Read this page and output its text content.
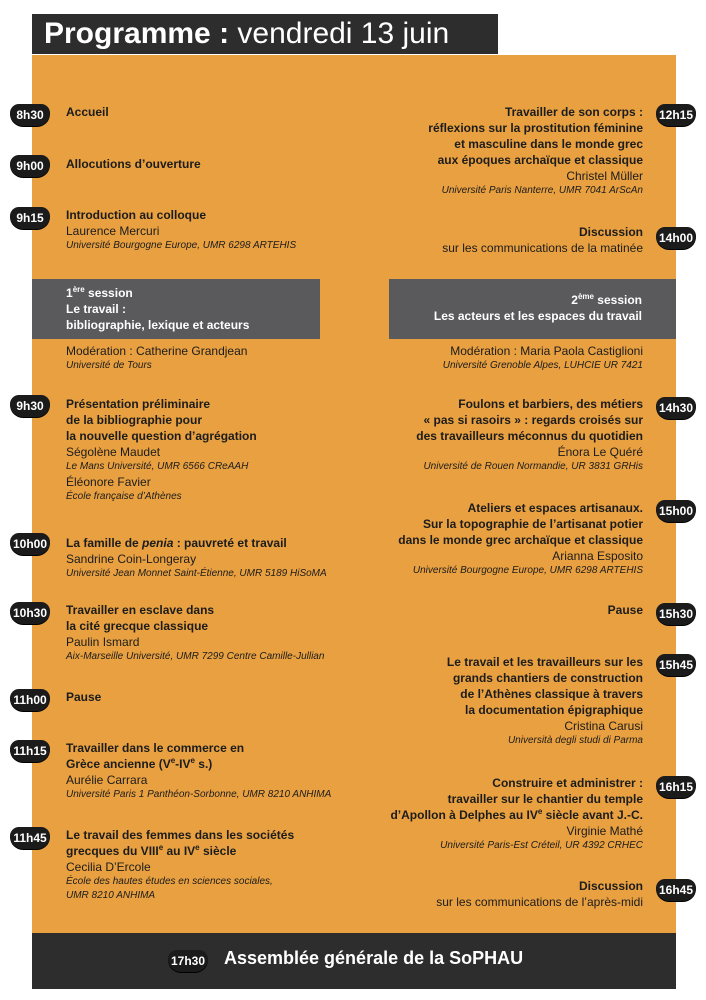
Programme : vendredi 13 juin
8h30	Accueil
9h00	Allocutions d’ouverture
9h15	Introduction au colloque
Laurence Mercuri
Université Bourgogne Europe, UMR 6298 ARTEHIS
1ère session
Le travail :
bibliographie, lexique et acteurs
Modération : Catherine Grandjean
Université de Tours
9h30	Présentation préliminaire
de la bibliographie pour
la nouvelle question d’agrégation
Ségolène Maudet
Le Mans Université, UMR 6566 CReAAH
Éléonore Favier
École française d’Athènes
10h00 La famille de penia : pauvreté et travail
Sandrine Coin-Longeray
Université Jean Monnet Saint-Étienne, UMR 5189 HiSoMA
10h30 Travailler en esclave dans
la cité grecque classique
Paulin Ismard
Aix-Marseille Université, UMR 7299 Centre Camille-Jullian
11h00 Pause
11h15 Travailler dans le commerce en
Grèce ancienne (Ve-IVe s.)
Aurélie Carrara
Université Paris 1 Panthéon-Sorbonne, UMR 8210 ANHIMA
11h45 Le travail des femmes dans les sociétés
grecques du VIIIe au IVe siècle
Cecilia D’Ercole
École des hautes études en sciences sociales,
UMR 8210 ANHIMA
12h15
Travailler de son corps :
réflexions sur la prostitution féminine
et masculine dans le monde grec
aux époques archaïque et classique
Christel Müller
Université Paris Nanterre, UMR 7041 ArScAn
14h00
Discussion
sur les communications de la matinée
2ème session
Les acteurs et les espaces du travail
Modération : Maria Paola Castiglioni
Université Grenoble Alpes, LUHCIE UR 7421
14h30
Foulons et barbiers, des métiers
« pas si rasoirs » : regards croisés sur
des travailleurs méconnus du quotidien
Énora Le Quéré
Université de Rouen Normandie, UR 3831 GRHis
15h00
Ateliers et espaces artisanaux.
Sur la topographie de l’artisanat potier
dans le monde grec archaïque et classique
Arianna Esposito
Université Bourgogne Europe, UMR 6298 ARTEHIS
15h30
Pause
15h45
Le travail et les travailleurs sur les
grands chantiers de construction
de l’Athènes classique à travers
la documentation épigraphique
Cristina Carusi
Università degli studi di Parma
16h15
Construire et administrer :
travailler sur le chantier du temple
d’Apollon à Delphes au IVe siècle avant J.-C.
Virginie Mathé
Université Paris-Est Créteil, UR 4392 CRHEC
16h45
Discussion
sur les communications de l’après-midi
17h30 Assemblée générale de la SoPHAU
